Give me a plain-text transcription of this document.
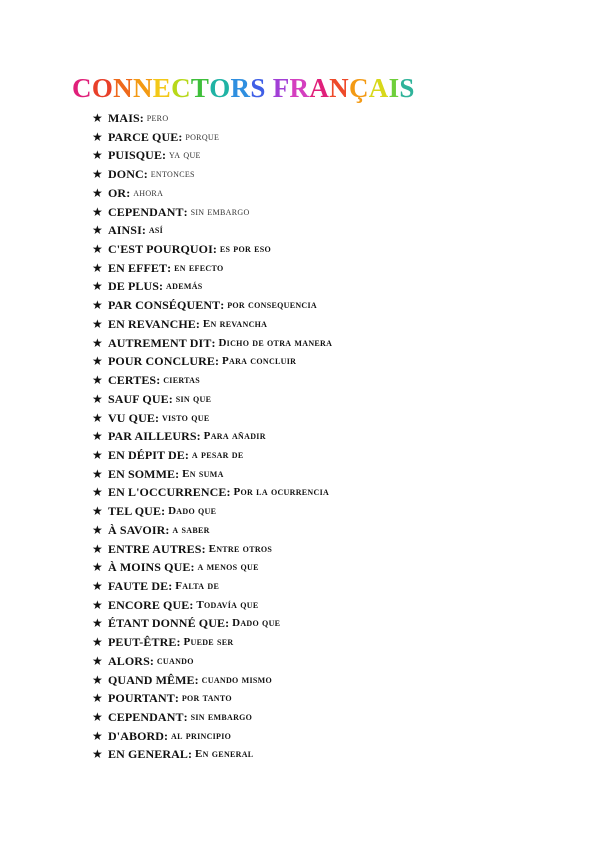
CONNECTORS FRANÇAIS
★ MAIS : pero
★ PARCE QUE : porque
★ PUISQUE : ya que
★ DONC : entonces
★ OR : ahora
★ CEPENDANT : sin embargo
★ AINSI : así
★ C'EST POURQUOI : es por eso
★ EN EFFET : en efecto
★ DE PLUS : además
★ PAR CONSÉQUENT : por consequencia
★ EN REVANCHE : En revancha
★ AUTREMENT DIT : Dicho de otra manera
★ POUR CONCLURE : Para concluir
★ CERTES : ciertas
★ SAUF QUE : sin que
★ VU QUE : visto que
★ PAR AILLEURS : Para añadir
★ EN DÉPIT DE : a pesar de
★ EN SOMME : En suma
★ EN L'OCCURRENCE : Por la ocurrencia
★ TEL QUE : Dado que
★ À SAVOIR : a saber
★ ENTRE AUTRES : Entre otros
★ À MOINS QUE : a menos que
★ FAUTE DE : Falta de
★ ENCORE QUE : Todavía que
★ ÉTANT DONNÉ QUE : Dado que
★ PEUT-ÊTRE : Puede ser
★ ALORS : cuando
★ QUAND MÊME : cuando mismo
★ POURTANT : por tanto
★ CEPENDANT : sin embargo
★ D'ABORD : al principio
★ EN GENERAL : En general
